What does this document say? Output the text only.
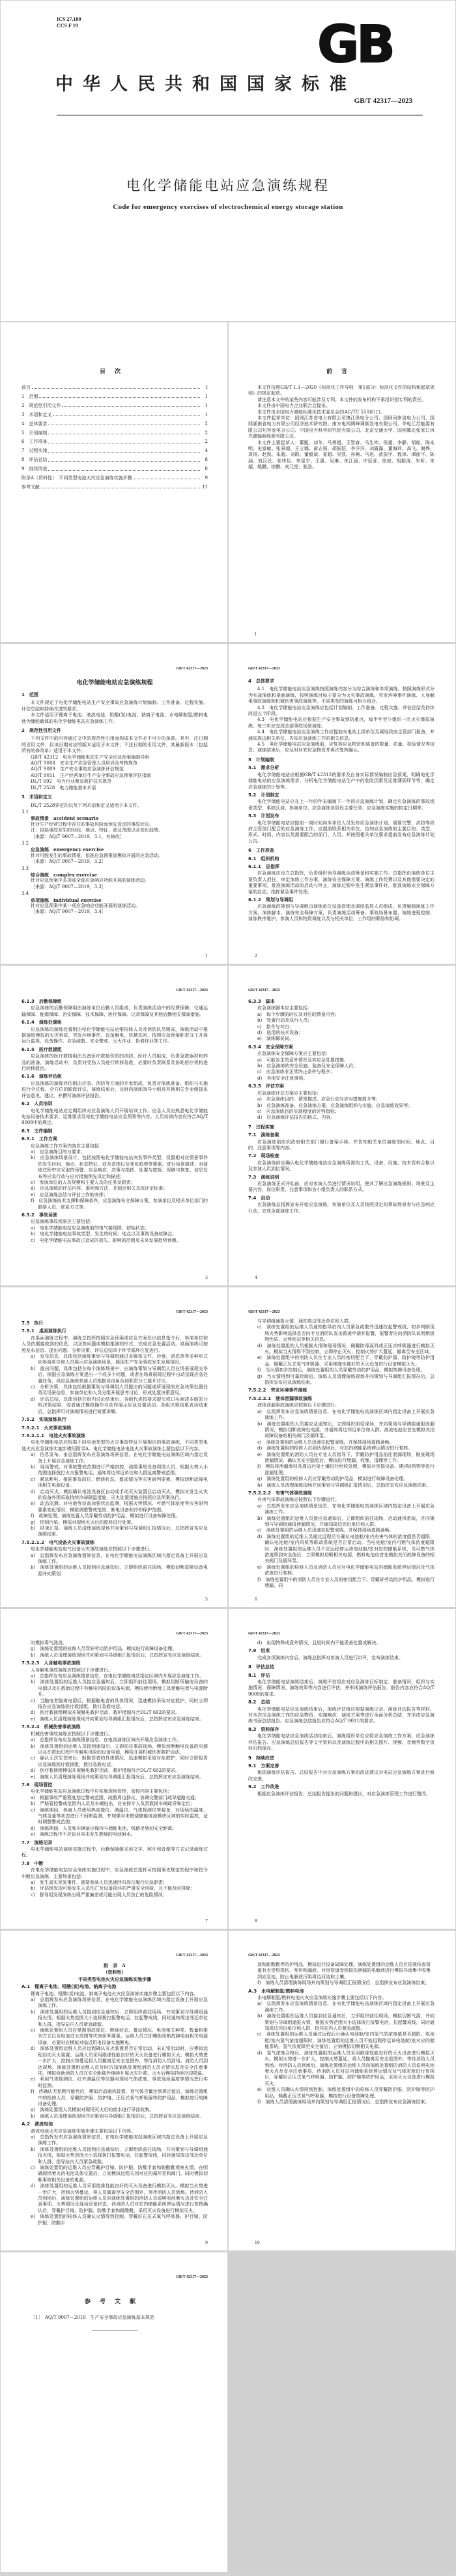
ICS 27.180
CCS F 19	GB
中华人民共和国国家标准
GB/T 42317—2023
电化学储能电站应急演练规程
Code for emergency exercises of electrochemical energy storage station
目次
前言	Ⅰ
1　范围	1
2　规范性引用文件	1
3　术语和定义	1
4　总体要求	2
5　计划编制	2
6　工作准备	2
7　过程实施	4
8　评估总结	8
9　持续改进	8
附录A（资料性）　不同类型电池火灾应急演练实施步骤	9
参考文献	11
前言
本文件按照GB/T 1.1—2020《标准化工作导则　第1部分：标准化文件的结构和起草规则》的规定起草。
请注意本文件的某些内容可能涉及专利。本文件的发布机构不承担识别专利的责任。
本文件由中国电力企业联合会提出。
本文件由全国电力储能标准化技术委员会(SAC/TC 550)归口。
本文件起草单位：国网江苏省电力有限公司镇江供电分公司、国网河南省电力公司、国网湖南省电力有限公司经济技术研究院、南方电网调峰调频发电有限公司、华电江苏能源有限公司句容发电分公司、中国电力科学研究院有限公司、北京交通大学、国网冀北张家口风光储输新能源有限公司。
本文件主要起草人：董甄、刘冬、马勇超、王智春、马生坤、侯超、李静、胡航、陈永明、史富敏、张景超、王立娜、俞志强、胡振恺、李洋洋、刘露露、董海玲、高飞、谢烨、周扬、赵凯、朱超、刘蔚、董毅斌、夏超、吴凯、孙畅、马进、武振宇、程津、谭丽平、陈涵、刘汉民、张玮怡、李星宇、王惠、吴琳、朱江涵、许冠亚、徐波、胡振涛、朱昕、朱超、姚鹏、徐鹏、刘元堂、张浩。
Ⅰ
GB/T 42317—2023
电化学储能电站应急演练规程
1　范围
本文件规定了电化学储能电站生产安全事故应急演练计划编制、工作准备、过程实施、评估总结和持续改进的要求。
本文件适用于锂离子电池、液流电池、铅酸(炭)电池、钠离子电池、水电解制氢/燃料电池为储能载体的电化学储能电站应急演练工作。
2　规范性引用文件
下列文件中的内容通过文中的规范性引用而构成本文件必不可少的条款。其中，注日期的引用文件，仅该日期对应的版本适用于本文件；不注日期的引用文件，其最新版本（包括所有的修改单）适用于本文件。
GB/T 42312　电化学储能电站生产安全应急预案编制导则
AQ/T 9008　安全生产应急管理人员培训及考核规范
AQ/T 9009　生产安全事故应急演练评估规范
AQ/T 9011　生产经营单位生产安全事故应急预案评估指南
DL/T 692　电力行业紧急救护技术规范
DL/T 2528　电力储能基本术语
3　术语和定义
DL/T 2528界定的以及下列术语和定义适用于本文件。
3.1
事故情景　accident scenario
针对生产经营过程中存在的事故风险而预先设定的事故状况。
注：包括事故发生的时间、地点、特征、波及范围以及变化趋势。
［来源：AQ/T 9007—2019，3.1，有修改］
3.2
应急演练　emergency exercise
针对可能发生的事故情景，依据应急预案而模拟开展的应急活动。
［来源：AQ/T 9007—2019，3.2］
3.3
综合演练　complex exercise
针对应急预案中多项或全部应急响应功能开展的演练活动。
［来源：AQ/T 9007—2019，3.3］
3.4
单项演练　individual exercise
针对应急预案中某一项应急响应功能开展的演练活动。
［来源：AQ/T 9007—2019，3.4］
1
GB/T 42317—2023
4　总体要求
4.1　电化学储能电站应急演练按照演练内容分为综合演练和单项演练，按照演练形式分为实战演练和桌面演练，按照演练目标主要分为火灾事故演练、突发环境事件演练、人身触电事故演练和机械伤害事故演练等，不同类型的演练可相互组合。
4.2　电化学储能电站应急演练应包括计划编制、工作准备、过程实施、评估总结及持续改进五个阶段。
4.3　电化学储能电站应根据生产安全事故预防重点，每半年至少组织一次火灾事故演练，每三年应完成全部事故场景演练。
4.4　电化学储能电站应急演练工作应提前向电站上级单位及属地政府主管部门报备，并通知周边相关单位，告知应急演练工作的相关信息。
4.5　电化学储能电站应急演练前，应复核应急物资和装备的数量、质量、检验情况等信息；演练结束后，应及时补充应急物资并再次复核确认。
5　计划编制
5.1　需求分析
电化学储能电站应根据GB/T 42312的要求及自身实际情况编制应急预案，明确电化学储能电站的应急演练需求，分析电化学储能电站生产中的危险因素及运维薄弱环节等，确定应急演练的计划等。
5.2　计划制定
电化学储能电站应在上一年的年末编制下一年的应急演练计划，确定应急演练的事故场景类型、事故区域、参演单位、应急演练各阶段主要任务、应急演练实施的拟定日期等。
5.3　计划发布
电化学储能电站应提前一周时间向本单位人员发布应急演练计划。需要交警、消防等政府主管部门配合的应急演练工作，应提前联系相关单位，告知应急演练的主要目的、类型、形式、时间、内容以及需要配合的部门、人员，并按照相关单位要求提前发布应急演练计划公告。
6　工作准备
6.1　组织机构
6.1.1　总指挥
应急演练应设立总指挥，负责组织领导演练活动筹备和实施工作。总指挥由演练单位主要负责人担任，审定演练工作方案、演练安全保障方案、演练工作经费以及其他需要决定的重要事项，批准演练活动的启动与终止，演练过程中发生紧急事件时，批准演练安全保障方案的启动，指挥紧急事件处理。
6.1.2　策划与导调组
应急演练的策划与导调组由演练单位设备管理及调度监控人员组成，负责编制演练工作方案、演练脚本、演练安全保障方案，负责演练活动筹备、事故场景布置、演练进程控制、演练秩序维护、参演人员和物资调度以及与相关单位、工作组的联络和协调。
2
GB/T 42317—2023
6.1.3　后勤保障组
应急演练的后勤保障组由演练单位后勤人员组成，负责演练活动中的经费保障、交通运输保障、能源保障、治安保障、技术保障、医疗保障、记录保障及其他后勤相关保障措施。
6.1.4　演练处置组
应急演练的演练处置组由电化学储能电站运维检修人员及消防队员组成，演练活动中根据演练模拟的火灾事故、突发环境事件、设备触电、机械伤害，按照应急预案职责分工开展运行监视、设备操作、应急疏散、安全警戒、灭火作业、抢修作业等工作。
6.1.5　医疗救援组
应急演练的医疗救援组由具备医疗救援资质的消防、医疗人员组成，负责急救器材和药品的准备，演练活动中，负责对受伤人员进行转移急救，必要时负责联系及协助医疗机构进行转移救治。
6.1.6　演练评估组
应急演练的演练评估组由应急、消防等方面的专家组成，负责对演练准备、组织与实施进行全过程、全方位的跟踪评估，演练结束后，及时向演练领导小组及其他相关专业组提出评估意见、建议，并撰写演练评估报告。
6.2　人员培训
电化学储能电站应定期组织对应急演练人员开展培训工作。应急人员应熟悉电化学储能电站设备技术要求、运维要求及电化学储能电站应急预案等内容。人员培训内容应符合AQ/T 9008中的规定。
6.3　文件编制
6.3.1　工作方案
应急演练工作方案内容应主要包括：
a)　应急演练目的与要求；
b)　应急演练场景设计，包括按照电化学储能电站突发事件类型，设置相对应情景事件的发生时间、地点、状态特征、波及范围以及变化趋势等要素，进行场景描述；对演练过程中应采取的预警、应急响应、决策与指挥、处置与救援、保障与恢复、信息发布等应急行动与应对措施预先设定和描述；
c)　参演单位的人员规模和主要人员的任务及职责；
d)　应急演练的评估内容、准则和方法，并制定相关具体评定标准；
e)　应急演练总结与评估工作的安排；
f)　应急演练技术支撑和保障条件，应急演练安全保障方案，参演单位及相关单位部门的联络人员、联系方式等。
6.3.2　事故场景
应急演练事故场景应主要包括：
a)　电化学储能电站应急演练前的电气接线图、初始状态；
b)　电化学储能电站事故类型、发生的时间、地点以及事故设备故障点；
c)　电化学储能电站事故已造成的损失、影响的范围及未来发展趋势预测。
3
GB/T 42317—2023
6.3.3　脚本
应急演练脚本应主要包括：
a)　每个步骤的时长及对应的情景内容；
b)　处置行动及执行人员；
c)　指令与对白；
d)　选用的技术设备；
e)　演练解说词。
6.3.4　安全保障方案
应急演练安全保障方案应主要包括：
a)　可能发生的意外情况及其应急处置措施；
b)　应急演练的安全设施、装备及安全保障人员；
c)　应急演练非正常终止条件与程序；
d)　其他安全注意事项。
6.3.5　评估方案
应急演练评估方案应主要包括：
a)　应急演练目的、情景描述、应急行动与应对措施简介等；
b)　应急演练准备、应急演练方案、应急演练组织与实施、应急演练效果等；
c)　应急演练目的实现程度的评判指标；
d)　应急演练评估报告的格式、内容。
7　过程实施
7.1　演练备案
应急演练前应向政府相关部门履行备案手续，并告知相关单位演练的时间、地点、目的、注意事项等内容。
7.2　现场检查
应急演练前应确认电化学储能电站应急演练所需的工具、设备、设施、技术资料合格以及参演人员到位情况。
7.3　演练说明
应急演练正式开始前，应对参演人员进行情况说明，使其了解应急演练规则、场景及主要内容、岗位职责、注意事项和各小组负责人的联系方式。
7.4　启动
应急演练总指挥宣布开始应急演练，参演单位及人员按照设定的事故场景参与应急响应行动，完成全部演练工作。
4
GB/T 42317—2023
7.5　执行
7.5.1　桌面演练执行
在桌面演练过程中，演练总指挥按照应急预案或应急方案发出信息指令后，参演单位和人员依据接收到的信息，以回答问题或模拟推演的形式，完成应急处置活动。桌面演练可按照发布信息、提出问题、分析决策、评估总结四个环节循环往复进行。
a)　发布信息，具体包括演练策划与导调组通过多媒体文件、沙盘、消息单等多种形式向参演单位和人员展示应急演练场景，展现生产安全事故发生发展情况。
b)　提出问题，具体包括在每个演练场景中，由演练策划与导调组人员在场景展现完毕后，根据应急演练方案提出一个或多个问题，或者在场景展现过程中自动呈现应急处置任务，供应急演练参演人员根据各自角色和职责分工展开讨论。
c)　分析决策，具体包括根据策划与导调组人员提出的问题或所展现的应急决策处置任务及场景信息，参演单位和人员分组开展思考讨论，形成处置决策意见。
d)　评估总结，具体包括在组内讨论结束后，各组代表按要求提交或口头阐述本组的分析决策结果，或者通过模拟操作与动作展示应急处置活动。各组决策结果表达结束后，总指挥可对演练情况进行简要讲解。
7.5.2　实战演练执行
7.5.2.1　火灾事故演练
7.5.2.1.1　电池火灾事故演练
电化学储能电站应根据不同电池类型的火灾事故特征开展相应的事故演练，不同类型电池火灾应急演练实施步骤见附录A。电化学储能电站电池火灾事故演练主要包括以下内容。
a)　信息发布。由总指挥发布应急演练场景信息，在电化学储能电站演练区域内指定设备上开展应急演练工作。
b)　现场警戒。对事故警戒范围进行严格封控，疏散事故设备周围人员，根据火势大小范围选择拨打火灾报警电话，通知周边邻近单位和人群远离警戒范围。
c)　紧急断电。根据事故部位、燃烧状态、蔓延情况等灾害研判要素，模拟切断故障电池相关电源设备。
d)　启动灭火。模拟确认电池设备区自动或手动灭火装置已启动灭火，模拟对发生火灾的设备外围采取持续冷却隔温措施，灭火处置措施应按照应急预案执行。
e)　动态监测。对电池等设备加强状态监测，根据火势情况、可燃气体浓度等灾害研判要素变化情况，模拟调整警戒范围、断电设备和冷却保护范围。
f)　故障处理。演练处置人员穿戴劳动防护用品，模拟进行设备故障处理。
g)　控制污染。模拟对现场灭火后的废料进行处置。
h)　结束汇报。演练人员清理演练现场并向策划与导调组汇报情况后，总指挥宣布应急演练结束。
7.5.2.1.2　电气设备火灾事故演练
电化学储能电站电气设备火灾事故演练应按照以下步骤进行。
a)　总指挥发布应急演练情景信息，在电化学储能电站演练区域内指定设备上开展应急演练工作。
b)　演练处置组的运维人员接到应急通知后，立即组织前往现场，模拟切断故障设备电源并向策划
5
GB/T 42317—2023
与导调组通报火情，通知周边邻近单位和人群。
c)　演练处置组的运维人员通知指导站内人员紧急疏散并迅速拉起警戒线，初步判断现场火势影响选择是否向专业消防队发出救援申请并报警，报警者应向消防队说明燃烧物性质、火势状况等相关信息。
d)　演练处置组的人员根据火情和现场情况，佩戴防毒面具或正压式呼吸器进行模拟灭火。模拟当火情得不到控制，立即停止灭火，控制火势扩大蔓延，撤离至安全区域。
e)　演练处置组中的消防人员在专业人员的密切配合下，穿戴防护服、防护镜等防护用品，佩戴正压式氧气呼吸器，采用绝缘性能好的灭火设备进行设备模拟灭火。
f)　当火情初步控制后，演练处置组的人员穿戴劳动防护用品，模拟故障设备处理。
g)　当火情得到可靠控制后，演练人员清理演练现场并向策划与导调组汇报情况后，总指挥宣布应急演练结束。
7.5.2.2　突发环境事件演练
7.5.2.2.1　液体泄漏事故演练
液体泄漏事故演练应按照以下步骤进行。
a)　总指挥发布应急演练情景信息，在电化学储能电站演练区域内指定设备上开展应急演练工作。
b)　演练处置组的人员接应急通知后，立即组织前往现场，并向策划与导调组通报泄漏情况，模拟切断故障处电源，并通知周边邻近单位和人群。液流电池应首先模拟关闭故障设备的相关阀门及循环泵。
c)　演练处置组的运维人员迅速拉起警戒线，并保持现场道路通畅。
d)　演练处置组的检修人员到达现场后，对站内储能系统停运情况进行复核。
e)　演练处置组的消防人员在专业人员指导下，穿戴防护用品前往泄漏现场，勘查现场泄漏情况，确认无安全隐患后，模拟进行堵漏、收集、清理等工作。
f)　模拟将泄漏废料及周边污染土壤进行回收处理，模拟对受损设备、建(构)筑物等进行泄漏处理。
g)　演练处置组的检修人员应穿戴劳动防护用品，模拟进行故障设备处理。
h)　演练人员清理演练现场并向策划与导调组汇报情况后，总指挥宣布应急演练结束。
7.5.2.2.2　有害气体事故演练
有害气体事故演练应按照以下步骤进行。
a)　总指挥发布应急演练情景信息，在电化学储能电站演练区域内指定设备上开展应急演练工作。
b)　演练处置组的运维人员接应急通知后，立即组织前往现场，启动通风系统，并向策划与导调组通报泄漏情况，并通知周边邻近单位和人群。
c)　演练处置组的运维人员迅速拉起警戒线，并保持现场道路通畅。
d)　演练处置组的运维人员通过远程后台确认电池舱/室内有害气体的浓度值是否超限，确认电池舱/室内风机等联动系统是否正常启动。当电池舱/室内可燃气体浓度超限时，演练处置组的运维人员不应远程停运该电池舱/室对应的储能系统，当可燃气体浓度降到安全值后，立即模拟切断相关电源，燃料电池应首先模拟关闭故障设备的相关阀门及循环泵。
e)　演练处置组的检修人员及消防人员应对电化学储能电站内储能系统停运情况及气体浓度进行复核。
f)　演练处置组中的消防人员在专业人员的密切配合下，穿戴好劳动防护用品，模拟进行堵漏，同
6
GB/T 42317—2023
时模拟毒气洗消。
g)　演练处置组的检修人员穿好劳动防护用品，模拟进行故障设备处理。
h)　演练人员清理演练现场并向策划与导调组汇报情况后，总指挥宣布应急演练结束。
7.5.2.3　人身触电事故演练
人身触电事故演练应按照以下步骤进行。
a)　总指挥发布应急演练情景信息，在电化学储能电站指定区域内开展应急演练工作。
b)　演练处置组的运维人员接应急通知后，立即组织前往现场，模拟切断所触电设备的电源以及在救助过程中有触电风险的设备电源，模拟使用绝缘工具使触电者与电源断开。
c)　当触电者脱离电源后，根据触电者的具体情况，迅速模拟采取对症救护，同时立即报告应急演练医疗救援组，拨打急救电话。
d)　医疗救援组模拟开展触电救护活动，救护措施符合DL/T 692的要求。
e)　演练人员清理演练现场并向策划与导调组汇报情况后，总指挥宣布应急演练结束。
7.5.2.4　机械伤害事故演练
机械伤害事故演练应按照以下步骤进行。
a)　总指挥发布应急演练情景信息，在电站演练区域内开展应急演练工作。
b)　演练处置组的运维人员接到通知后，立即前往事故现场，模拟切断触电设备的电源以及在救助过程中有触电风险的设备电源，模拟开展机械伤害救护活动。
c)　确认无次生伤害后，根据伤者的具体情况，迅速模拟采取对症救护，同时立即报告应急演练医疗救援组，拨打急救电话。
d)　医疗救援组模拟开展触电救护活动，救护措施符合DL/T 692的要求。
e)　演练人员清理演练现场并向策划与导调组汇报情况后，总指挥宣布应急演练结束。
7.6　现场管控
电化学储能电站应急演练过程中应实施现场管控，管控内容主要包括：
a)　根据事故严重程度划定警戒范围，疏散周边群众，协调交警部门疏导道路交通；
b)　严格管控警戒范围内人员及车辆进出，应安排专人负责救援车辆疏导和定位；
c)　演练期间，参演人员使用热成像仪、测温仪、气体探测仪等装备，对现场的温度、气体含量等状态进行不间断监测，并加强对未燃烧储能电池模块区域的实时监控，适时调整警戒范围；
d)　演练期间，人员和车辆备应保持与储能电池、线路足够的安全距离；
e)　演练过程中不应盲目向未发生燃烧的电池射水。
7.7　演练记录
电化学储能电站演练实施过程中，后勤保障组采用文字、照片和音像等方式记录演练过程。
7.8　中断
在电化学储能电站应急演练实施过程中，应急演练总指挥可按照事先规定的程序和指令中断应急演练，主要场景包括：
a)　发生真实突发事件，需要参演人员迅速回归岗位履行应急职责；
b)　评估组发现可能发生人员伤亡及设备损坏的严重安全风险，且不能及时排除；
c)　督导组发现演练出现严重偏差或可能出现人员伤亡的危险情况；
7
GB/T 42317—2023
d)　出现特殊或意外情况，且短时间内不能妥善处置或解决。
7.9　结束
完成各项演练内容后，演练总指挥对参演人员进行讲评，宣布演练结束。
8　评估总结
8.1　评估
电化学储能电站演练结束后，演练评估组应对应急演练目标制定、准备情况、组织与实施情况、保障情况、演练效果等内容进行评估，并形成演练评估报告，报告内容应符合AQ/T 9009的要求。
8.2　总结
电化学储能电站应急演练结束后，演练评估组应根据演练记录、演练评估报告等材料，对本次应急演练工作的应急物资、实施响应、演练方案等进行全面分析总结，并形成应急演练书面总结报告。应急演练总结报告应符合AQ/T 9011的要求。
8.3　资料保存
电化学储能电站应急演练活动结束后，演练组织单位应将应急演练工作方案、应急演练评估报告、应急演练总结报告等文字资料以及演练过程中的相关图片、视频、音频等数字资料归档保存。
9　持续改进
9.1　方案完善
根据演练评估报告、总结报告中对应急演练方案的改进建议对电站应急演练方案进行修改完善。
9.2　工作改进
根据应急演练评估报告、总结报告提出的问题和建议，对应急演练管理工作进行整改。
8
GB/T 42317—2023
附　录　A
（资料性）
不同类型电池火灾应急演练实施步骤
A.1　锂离子电池、铅酸(炭)电池、钠离子电池
锂离子电池、铅酸(炭)电池、钠离子电池火灾应急演练实施步骤主要包括以下内容。
a)　总指挥发布应急演练场景信息，在电化学储能电站演练区域内指定设备上开展应急演练工作。
b)　演练处置组的运维人员接到应急通知后，立即组织前往现场，并向策划与导调组通报火情，根据火势范围大小选择拨打报警电话，拉起警戒线，同时通知周边邻近单位和人群，指导站内人员紧急疏散。
c)　演练处置组人员应掌握事故部位、燃烧状态、蔓延情况、电池相关种类、数量和排列方式以及电池过火范围等灾害研判要素，运维人员立即模拟切断故障电池相关电源设备，必要时应模拟对临近用电设备实施断电。
d)　演练处置组运维人员应远程确认灭火装置是否正常启动，未正常启动时，应模拟远程启动灭火装置。运维人员采用绝缘性能良好的灭火设备进行模拟灭火。模拟火势进一步扩大，控制火势蔓延将人员撤离至安全范围外，等待消防人员到场。消防人员到达现场，演练处置组运维人员及时告知演练处置组消防人员火情信息及安全注意事项，模拟协助消防人员在安全距离外继续开展火灾扑救，灭火后模拟持续冷却降温。
e)　利用气体探测仪、红外测温仪等仪器对现场气体浓度、事故现场温度等情况进行实时监测。
f)　待确认无复燃可能性后，模拟启动通风装置，待气体含量达到规定值后，演练处置组中的检修人员，穿戴防护服、防护镜、正压式氧气呼吸器等防护用品，模拟进行故障设备处理。
g)　演练处置组人员模拟对现场灭火后的废水进行导流收集。
h)　演练人员清理演练现场并向策划与导调组汇报情况后，总指挥宣布应急演练结束。
A.2　液流电池
液流电池火灾应急演练实施步骤主要包括以下内容。
a)　总指挥发布应急演练情景信息，在电化学储能电站演练区域内指定设备上开展应急演练工作。
b)　演练处置组的运维人员接到应急通知后，立即组织前往现场，并向策划与导调组通报火情，根据火势范围大小选择拨打报警电话，拉起警戒线，同时通知周边邻近单位和人群，指导站内人员紧急疏散。
c)　演练处置组的运维人员应穿戴护目镜、防护服、防酸手套和耐酸靴观察火情，在明确现场着火的电池具体位置后，立刻模拟远程关闭对应的循环泵和阀门，同时模拟切断事故相关设备的电源。
d)　演练处置组的运维人员采用绝缘性能良好的灭火设备进行模拟灭火。模拟当火势进一步扩大，控制火势蔓延，将人员撤离至安全范围外，等待消防人员到场。待消防人员到场后，演练处置组的运维人员向演练处置组的消防人员说明电池着火点及安全注意事项、火势情况及现场设备状态，待消防人员对站内储能系统停运情况进行复核确认后，穿戴护目镜、防护服、防酸手套和耐酸靴，采用灭火设备进行模拟灭火。
e)　演练处置组的检修人员确认火情得到控制，穿戴好正压式氧气呼吸器、护目镜、防护服、防酸手
9
GB/T 42317—2023
套和耐酸靴等防护用品，模拟进行设备故障处理。演练处置组的运维人员应巡视检查管道有无受热损伤、变形和漏液，对因管道受热损伤泄漏的电解液进行模拟导流集中收集到应急池，防止电解液污染周边河流和土壤。
f)　演练人员清理演练现场并向策划与导调组汇报情况后，总指挥宣布应急演练结束。
A.3　水电解制氢/燃料电池
水电解制氢/燃料电池火灾应急演练实施步骤主要包括以下内容。
a)　总指挥发布应急演练情景信息，在电化学储能电站演练区域内指定设备上开展应急演练工作。
b)　演练处置组的运维人员接到应急通知后，立即组织前往现场，模拟切断气源，并向策划与导调组通报火情，根据火势范围大小选择拨打报警电话，拉起警戒线，同时通知周边邻近单位和人群，指导站内人员紧急疏散。
c)　演练处置组的运维人员通过远程后台确认电池舱/室内氢气的浓度值是否超限。电池舱/室内氢气浓度超限时，演练处置组的运维人员不能远程停运该电池舱/室对应的储能系统，氢气浓度降至安全值后，立刻模拟切断相关电源。
d)　氢气浓度合格后，演练处置组的运维人员采用绝缘性能良好的灭火设备进行模拟灭火。模拟火势进一步扩大，控制火势蔓延，将人员撤离至安全范围外，等待消防人员到场。待消防人员到场后，演练处置组的运维人员向演练处置组的消防人员说明电池着火点及安全注意事项，待消防人员对站内储能系统停运情况及气体浓度进行复核后，穿戴好正压式氧气呼吸器、防护服、防护镜等防护用品，采用灭火设备进行模拟灭火。
e)　运维人员确认火情得到控制，演练处置组中的检修人员穿戴防护服、防护镜等防护用品，佩戴正压式氧气呼吸器，模拟进行设备故障处理。
f)　演练人员清理演练现场并向策划与导调组汇报情况后，总指挥宣布应急演练结束。
10
GB/T 42317—2023
参考文献
［1］　AQ/T 9007—2019　生产安全事故应急演练基本规范
